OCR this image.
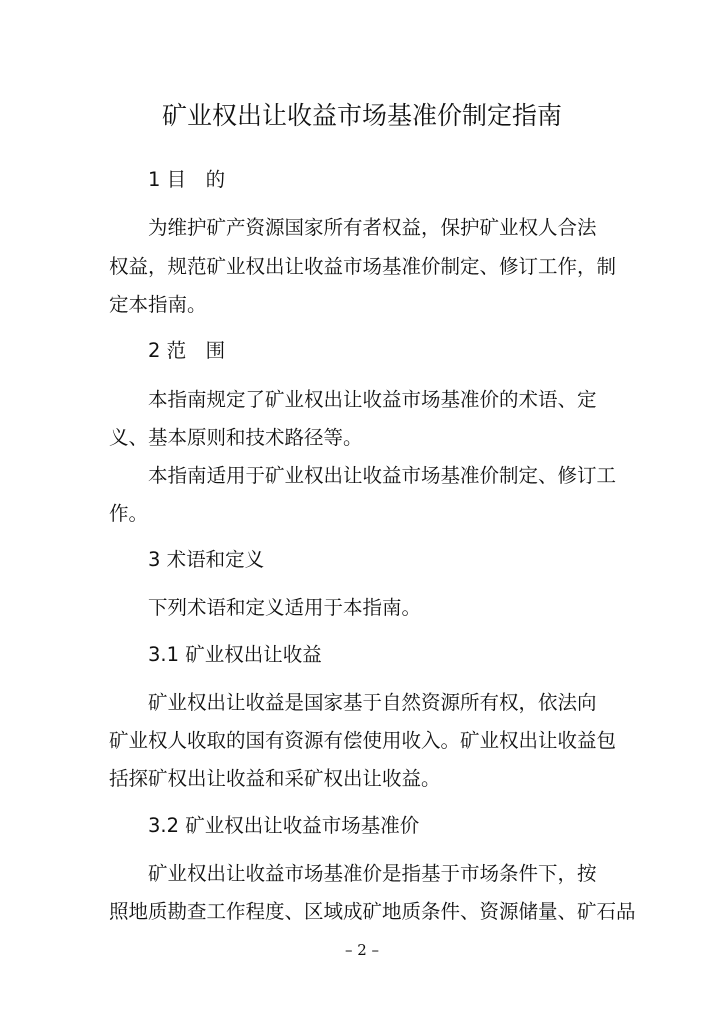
矿业权出让收益市场基准价制定指南
1 目　的
为维护矿产资源国家所有者权益，保护矿业权人合法
权益，规范矿业权出让收益市场基准价制定、修订工作，制
定本指南。
2 范　围
本指南规定了矿业权出让收益市场基准价的术语、定
义、基本原则和技术路径等。
本指南适用于矿业权出让收益市场基准价制定、修订工
作。
3 术语和定义
下列术语和定义适用于本指南。
3.1 矿业权出让收益
矿业权出让收益是国家基于自然资源所有权，依法向
矿业权人收取的国有资源有偿使用收入。矿业权出让收益包
括探矿权出让收益和采矿权出让收益。
3.2 矿业权出让收益市场基准价
矿业权出让收益市场基准价是指基于市场条件下，按
照地质勘查工作程度、区域成矿地质条件、资源储量、矿石品
– 2 –
